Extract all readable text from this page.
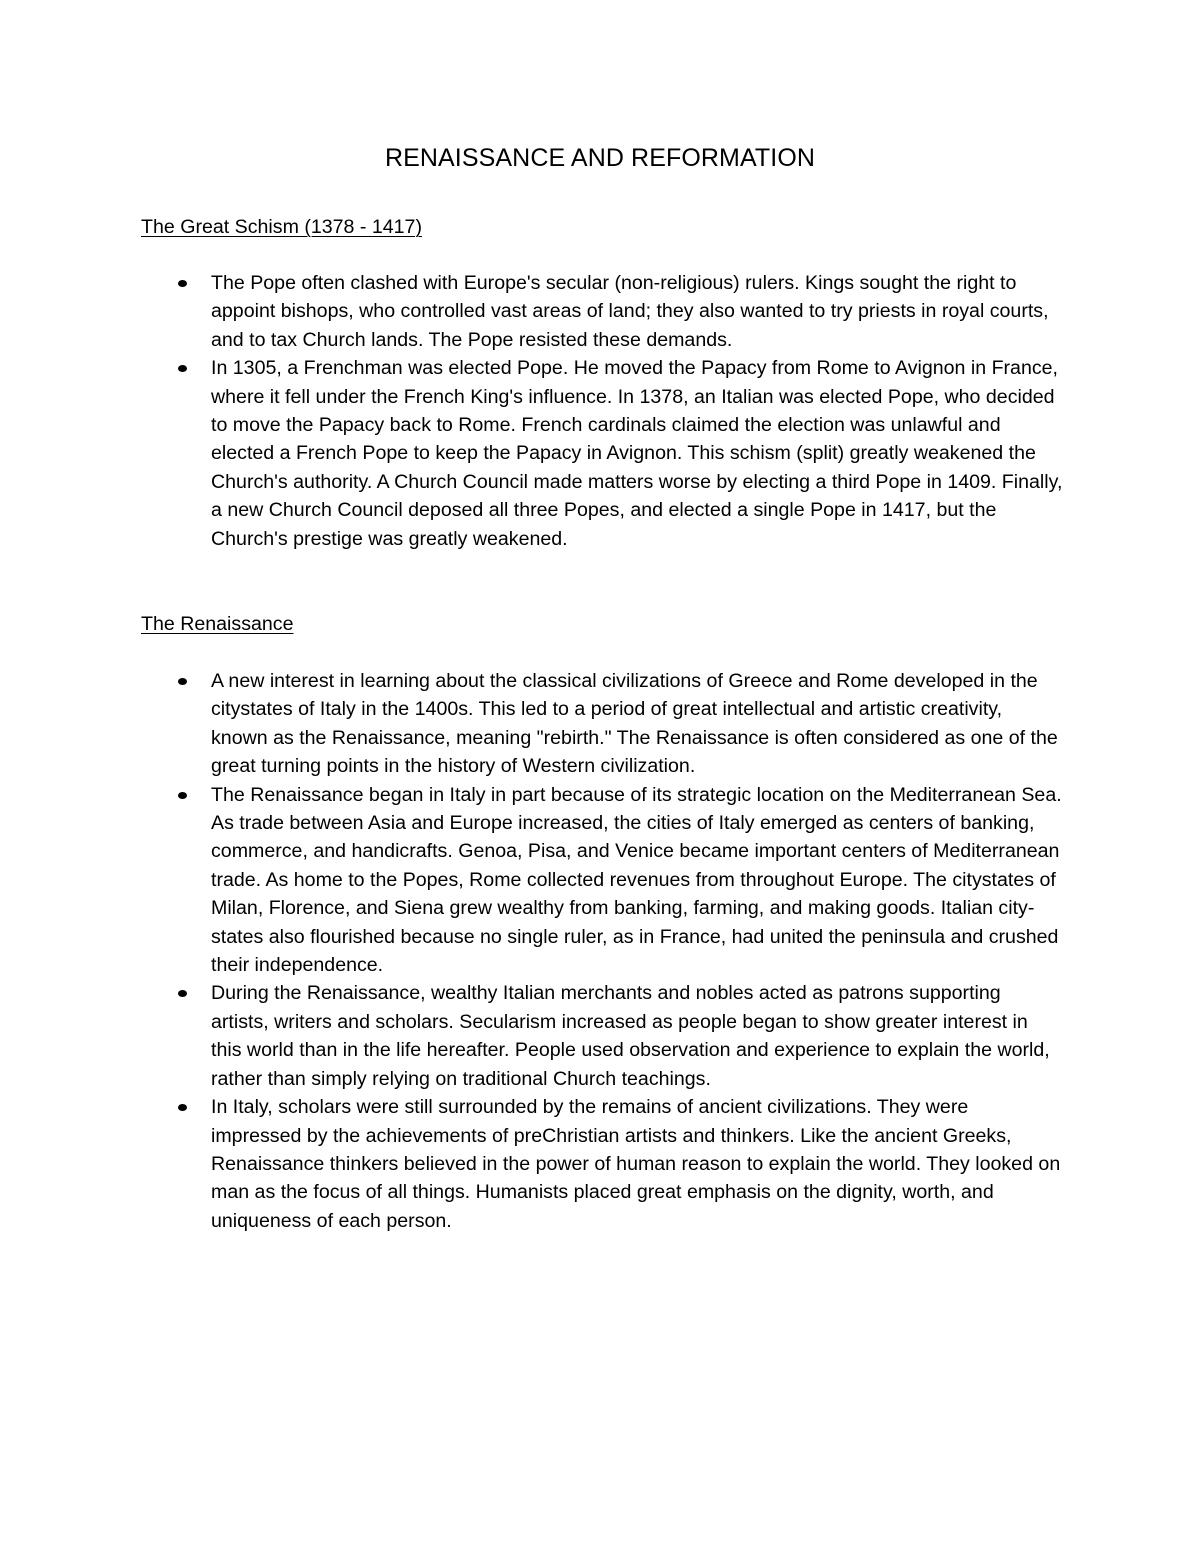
RENAISSANCE AND REFORMATION
The Great Schism (1378 - 1417)
The Pope often clashed with Europe's secular (non-religious) rulers. Kings sought the right to appoint bishops, who controlled vast areas of land; they also wanted to try priests in royal courts, and to tax Church lands. The Pope resisted these demands.
In 1305, a Frenchman was elected Pope. He moved the Papacy from Rome to Avignon in France, where it fell under the French King's influence. In 1378, an Italian was elected Pope, who decided to move the Papacy back to Rome. French cardinals claimed the election was unlawful and elected a French Pope to keep the Papacy in Avignon. This schism (split) greatly weakened the Church's authority. A Church Council made matters worse by electing a third Pope in 1409. Finally, a new Church Council deposed all three Popes, and elected a single Pope in 1417, but the Church's prestige was greatly weakened.
The Renaissance
A new interest in learning about the classical civilizations of Greece and Rome developed in the citystates of Italy in the 1400s. This led to a period of great intellectual and artistic creativity, known as the Renaissance, meaning "rebirth." The Renaissance is often considered as one of the great turning points in the history of Western civilization.
The Renaissance began in Italy in part because of its strategic location on the Mediterranean Sea. As trade between Asia and Europe increased, the cities of Italy emerged as centers of banking, commerce, and handicrafts. Genoa, Pisa, and Venice became important centers of Mediterranean trade. As home to the Popes, Rome collected revenues from throughout Europe. The citystates of Milan, Florence, and Siena grew wealthy from banking, farming, and making goods. Italian city-states also flourished because no single ruler, as in France, had united the peninsula and crushed their independence.
During the Renaissance, wealthy Italian merchants and nobles acted as patrons supporting artists, writers and scholars. Secularism increased as people began to show greater interest in this world than in the life hereafter. People used observation and experience to explain the world, rather than simply relying on traditional Church teachings.
In Italy, scholars were still surrounded by the remains of ancient civilizations. They were impressed by the achievements of preChristian artists and thinkers. Like the ancient Greeks, Renaissance thinkers believed in the power of human reason to explain the world. They looked on man as the focus of all things. Humanists placed great emphasis on the dignity, worth, and uniqueness of each person.
